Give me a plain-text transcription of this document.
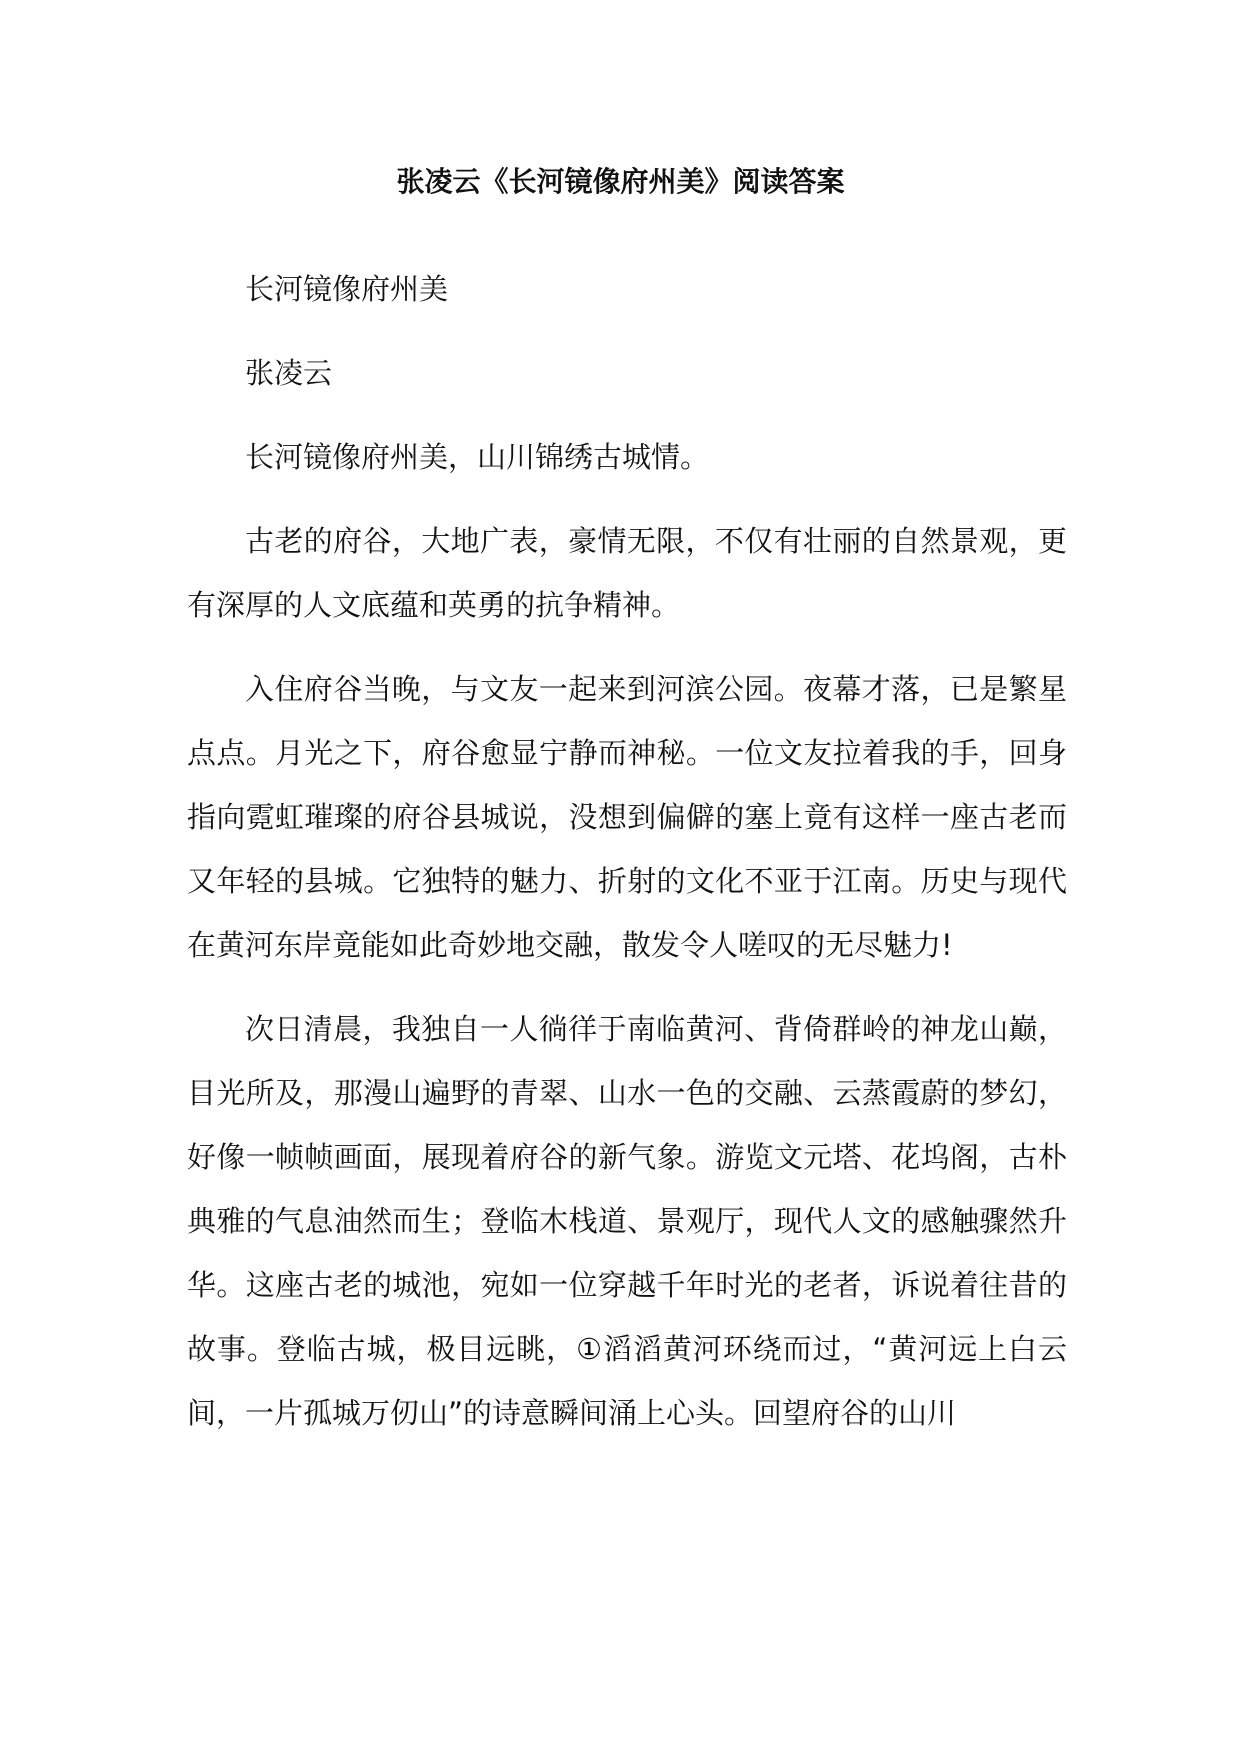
张凌云《长河镜像府州美》阅读答案

长河镜像府州美

张凌云

长河镜像府州美，山川锦绣古城情。

古老的府谷，大地广表，豪情无限，不仅有壮丽的自然景观，更有深厚的人文底蕴和英勇的抗争精神。

入住府谷当晚，与文友一起来到河滨公园。夜幕才落，已是繁星点点。月光之下，府谷愈显宁静而神秘。一位文友拉着我的手，回身指向霓虹璀璨的府谷县城说，没想到偏僻的塞上竟有这样一座古老而又年轻的县城。它独特的魅力、折射的文化不亚于江南。历史与现代在黄河东岸竟能如此奇妙地交融，散发令人嗟叹的无尽魅力!

次日清晨，我独自一人徜徉于南临黄河、背倚群岭的神龙山巅，目光所及，那漫山遍野的青翠、山水一色的交融、云蒸霞蔚的梦幻，好像一帧帧画面，展现着府谷的新气象。游览文元塔、花坞阁，古朴典雅的气息油然而生；登临木栈道、景观厅，现代人文的感触骤然升华。这座古老的城池，宛如一位穿越千年时光的老者，诉说着往昔的故事。登临古城，极目远眺，①滔滔黄河环绕而过，“黄河远上白云间，一片孤城万仞山”的诗意瞬间涌上心头。回望府谷的山川
